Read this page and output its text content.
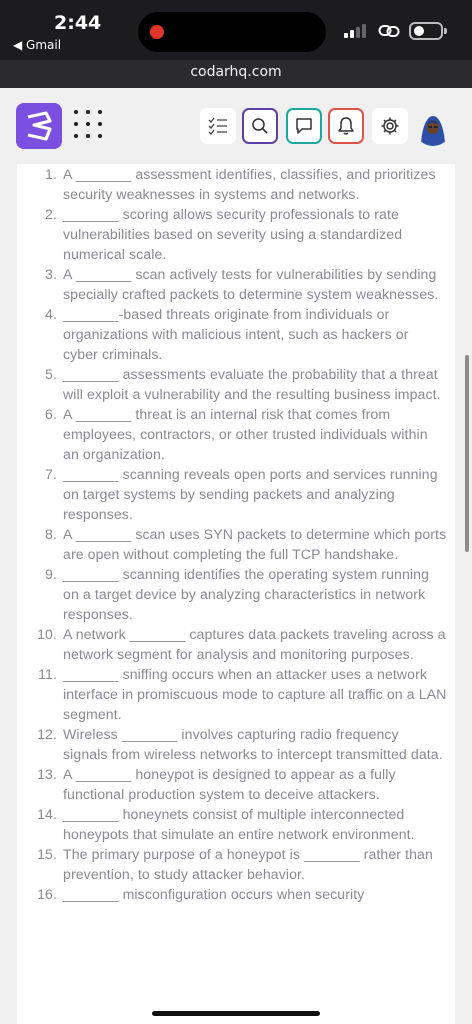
2:44
◀ Gmail
codarhq.com
1. A _______ assessment identifies, classifies, and prioritizes security weaknesses in systems and networks.
2. _______ scoring allows security professionals to rate vulnerabilities based on severity using a standardized numerical scale.
3. A _______ scan actively tests for vulnerabilities by sending specially crafted packets to determine system weaknesses.
4. _______-based threats originate from individuals or organizations with malicious intent, such as hackers or cyber criminals.
5. _______ assessments evaluate the probability that a threat will exploit a vulnerability and the resulting business impact.
6. A _______ threat is an internal risk that comes from employees, contractors, or other trusted individuals within an organization.
7. _______ scanning reveals open ports and services running on target systems by sending packets and analyzing responses.
8. A _______ scan uses SYN packets to determine which ports are open without completing the full TCP handshake.
9. _______ scanning identifies the operating system running on a target device by analyzing characteristics in network responses.
10. A network _______ captures data packets traveling across a network segment for analysis and monitoring purposes.
11. _______ sniffing occurs when an attacker uses a network interface in promiscuous mode to capture all traffic on a LAN segment.
12. Wireless _______ involves capturing radio frequency signals from wireless networks to intercept transmitted data.
13. A _______ honeypot is designed to appear as a fully functional production system to deceive attackers.
14. _______ honeynets consist of multiple interconnected honeypots that simulate an entire network environment.
15. The primary purpose of a honeypot is _______ rather than prevention, to study attacker behavior.
16. _______ misconfiguration occurs when security
